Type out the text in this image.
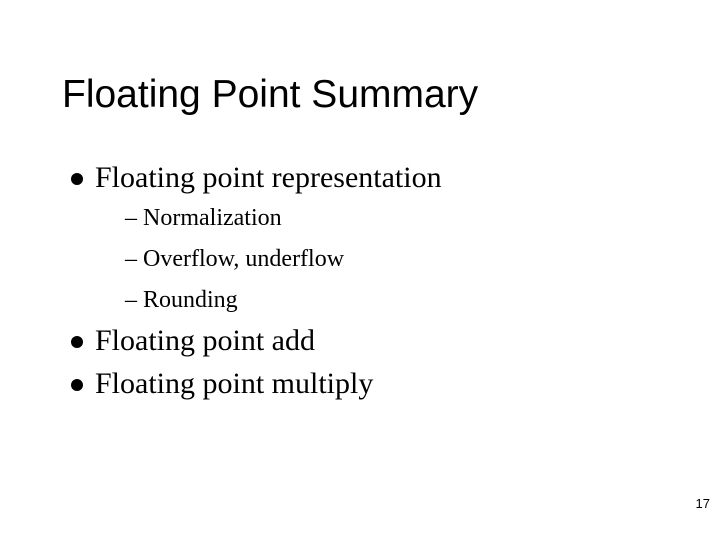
Floating Point Summary
Floating point representation
– Normalization
– Overflow, underflow
– Rounding
Floating point add
Floating point multiply
17
